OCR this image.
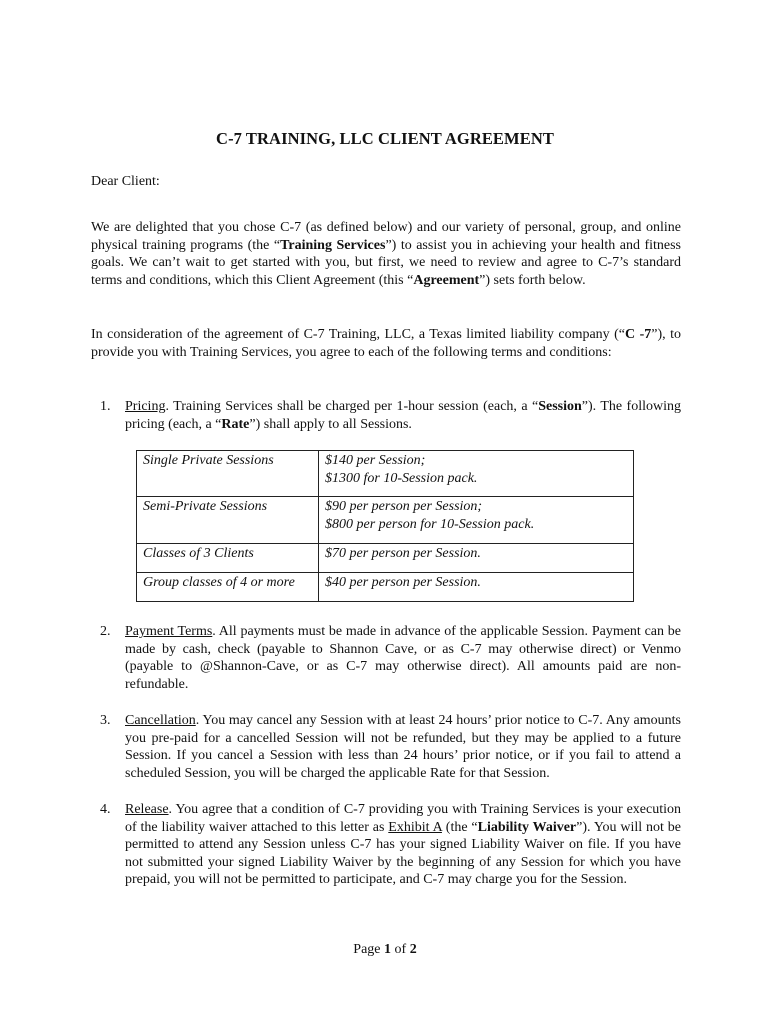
C-7 TRAINING, LLC CLIENT AGREEMENT

Dear Client:

We are delighted that you chose C-7 (as defined below) and our variety of personal, group, and online physical training programs (the “Training Services”) to assist you in achieving your health and fitness goals. We can’t wait to get started with you, but first, we need to review and agree to C-7’s standard terms and conditions, which this Client Agreement (this “Agreement”) sets forth below.

In consideration of the agreement of C-7 Training, LLC, a Texas limited liability company (“C -7”), to provide you with Training Services, you agree to each of the following terms and conditions:

1. Pricing. Training Services shall be charged per 1-hour session (each, a “Session”). The following pricing (each, a “Rate”) shall apply to all Sessions.
Single Private Sessions	$140 per Session;
$1300 for 10-Session pack.
Semi-Private Sessions	$90 per person per Session;
$800 per person for 10-Session pack.
Classes of 3 Clients	$70 per person per Session.
Group classes of 4 or more	$40 per person per Session.
2. Payment Terms. All payments must be made in advance of the applicable Session. Payment can be made by cash, check (payable to Shannon Cave, or as C-7 may otherwise direct) or Venmo (payable to @Shannon-Cave, or as C-7 may otherwise direct). All amounts paid are non-refundable.
3. Cancellation. You may cancel any Session with at least 24 hours’ prior notice to C-7. Any amounts you pre-paid for a cancelled Session will not be refunded, but they may be applied to a future Session. If you cancel a Session with less than 24 hours’ prior notice, or if you fail to attend a scheduled Session, you will be charged the applicable Rate for that Session.
4. Release. You agree that a condition of C-7 providing you with Training Services is your execution of the liability waiver attached to this letter as Exhibit A (the “Liability Waiver”). You will not be permitted to attend any Session unless C-7 has your signed Liability Waiver on file. If you have not submitted your signed Liability Waiver by the beginning of any Session for which you have prepaid, you will not be permitted to participate, and C-7 may charge you for the Session.
Page 1 of 2
